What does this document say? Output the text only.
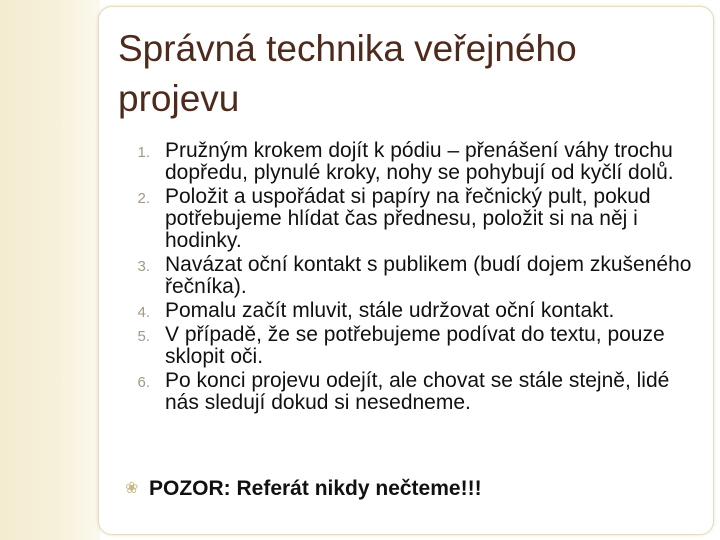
Správná technika veřejného projevu
1. Pružným krokem dojít k pódiu – přenášení váhy trochu dopředu, plynulé kroky, nohy se pohybují od kyčlí dolů.
2. Položit a uspořádat si papíry na řečnický pult, pokud potřebujeme hlídat čas přednesu, položit si na něj i hodinky.
3. Navázat oční kontakt s publikem (budí dojem zkušeného řečníka).
4. Pomalu začít mluvit, stále udržovat oční kontakt.
5. V případě, že se potřebujeme podívat do textu, pouze sklopit oči.
6. Po konci projevu odejít, ale chovat se stále stejně, lidé nás sledují dokud si nesedneme.
❀ POZOR: Referát nikdy nečteme!!!
